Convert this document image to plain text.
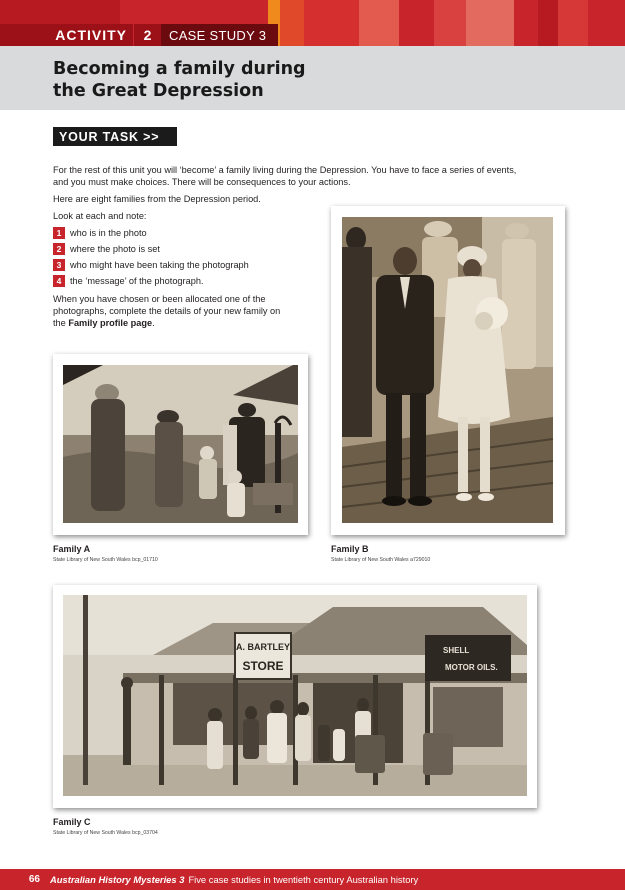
ACTIVITY	2	CASE STUDY 3
Becoming a family during
the Great Depression
YOUR TASK >>

For the rest of this unit you will ‘become’ a family living during the Depression. You have to face a series of events, and you must make choices. There will be consequences to your actions.

Here are eight families from the Depression period.

Look at each and note:

1 who is in the photo
2 where the photo is set
3 who might have been taking the photograph
4 the ‘message’ of the photograph.

When you have chosen or been allocated one of the photographs, complete the details of your new family on the Family profile page.

Family A
State Library of New South Wales bcp_01710
Family B
State Library of New South Wales a729010
A. BARTLEY
STORE
SHELL
MOTOR OILS.
Family C
State Library of New South Wales bcp_03704
66	Australian History Mysteries 3 Five case studies in twentieth century Australian history
